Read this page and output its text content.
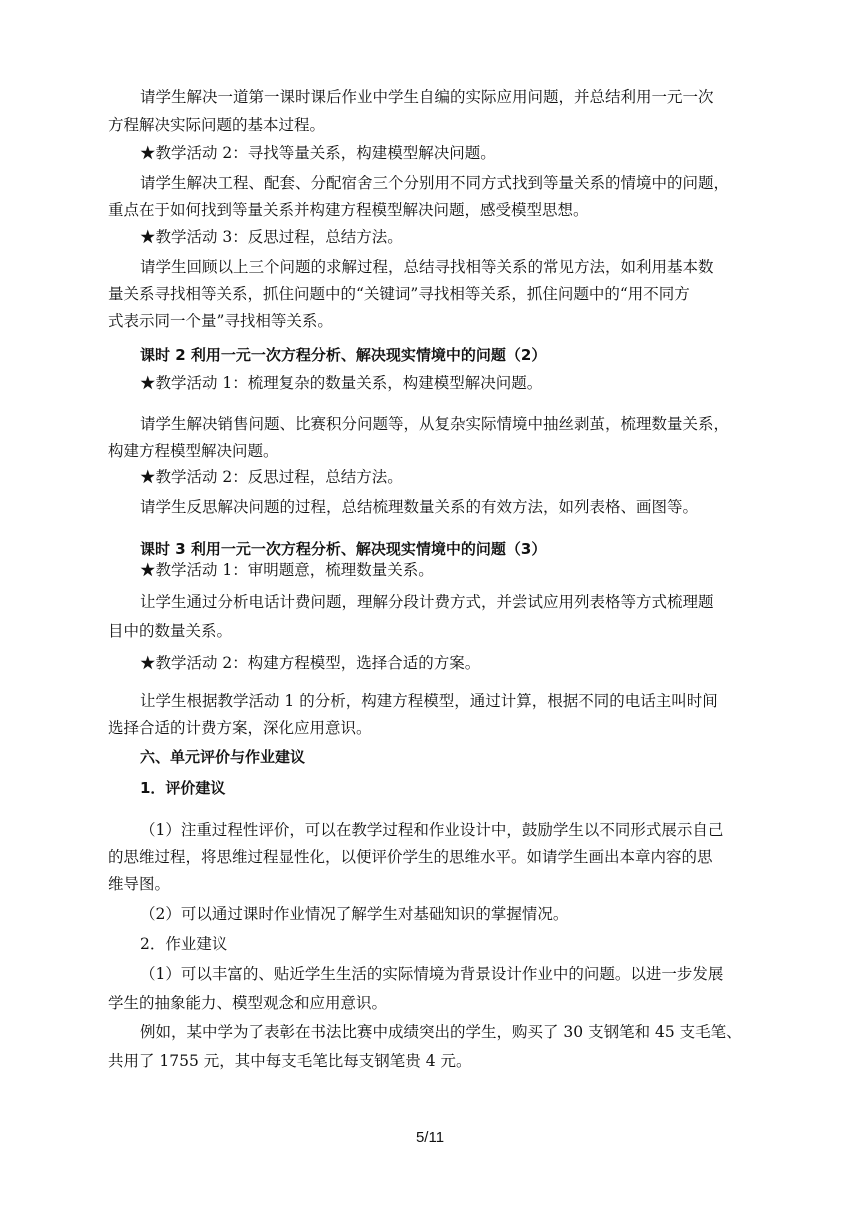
请学生解决一道第一课时课后作业中学生自编的实际应用问题，并总结利用一元一次
方程解决实际问题的基本过程。
★教学活动 2：寻找等量关系，构建模型解决问题。
请学生解决工程、配套、分配宿舍三个分别用不同方式找到等量关系的情境中的问题，
重点在于如何找到等量关系并构建方程模型解决问题，感受模型思想。
★教学活动 3：反思过程，总结方法。
请学生回顾以上三个问题的求解过程，总结寻找相等关系的常见方法，如利用基本数
量关系寻找相等关系，抓住问题中的“关键词”寻找相等关系，抓住问题中的“用不同方
式表示同一个量”寻找相等关系。
课时 2 利用一元一次方程分析、解决现实情境中的问题（2）
★教学活动 1：梳理复杂的数量关系，构建模型解决问题。
请学生解决销售问题、比赛积分问题等，从复杂实际情境中抽丝剥茧，梳理数量关系，
构建方程模型解决问题。
★教学活动 2：反思过程，总结方法。
请学生反思解决问题的过程，总结梳理数量关系的有效方法，如列表格、画图等。
课时 3 利用一元一次方程分析、解决现实情境中的问题（3）
★教学活动 1：审明题意，梳理数量关系。
让学生通过分析电话计费问题，理解分段计费方式，并尝试应用列表格等方式梳理题
目中的数量关系。
★教学活动 2：构建方程模型，选择合适的方案。
让学生根据教学活动 1 的分析，构建方程模型，通过计算，根据不同的电话主叫时间
选择合适的计费方案，深化应用意识。
六、单元评价与作业建议
1．评价建议
（1）注重过程性评价，可以在教学过程和作业设计中，鼓励学生以不同形式展示自己
的思维过程，将思维过程显性化，以便评价学生的思维水平。如请学生画出本章内容的思
维导图。
（2）可以通过课时作业情况了解学生对基础知识的掌握情况。
2．作业建议
（1）可以丰富的、贴近学生生活的实际情境为背景设计作业中的问题。以进一步发展
学生的抽象能力、模型观念和应用意识。
例如，某中学为了表彰在书法比赛中成绩突出的学生，购买了 30 支钢笔和 45 支毛笔、
共用了 1755 元，其中每支毛笔比每支钢笔贵 4 元。
5/11
